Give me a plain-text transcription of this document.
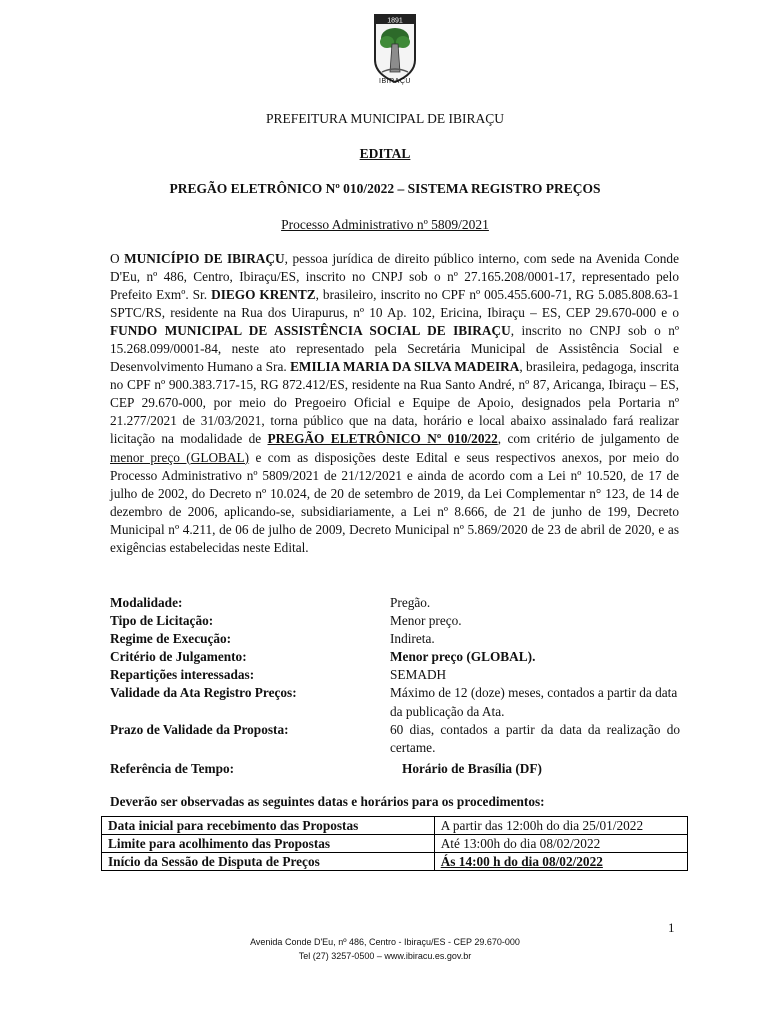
1891
IBIRAÇU
PREFEITURA MUNICIPAL DE IBIRAÇU
EDITAL
PREGÃO ELETRÔNICO Nº 010/2022 – SISTEMA REGISTRO PREÇOS
Processo Administrativo nº 5809/2021
O MUNICÍPIO DE IBIRAÇU, pessoa jurídica de direito público interno, com sede na Avenida Conde D'Eu, nº 486, Centro, Ibiraçu/ES, inscrito no CNPJ sob o nº 27.165.208/0001-17, representado pelo Prefeito Exmº. Sr. DIEGO KRENTZ, brasileiro, inscrito no CPF nº 005.455.600-71, RG 5.085.808.63-1 SPTC/RS, residente na Rua dos Uirapurus, nº 10 Ap. 102, Ericina, Ibiraçu – ES, CEP 29.670-000 e o FUNDO MUNICIPAL DE ASSISTÊNCIA SOCIAL DE IBIRAÇU, inscrito no CNPJ sob o nº 15.268.099/0001-84, neste ato representado pela Secretária Municipal de Assistência Social e Desenvolvimento Humano a Sra. EMILIA MARIA DA SILVA MADEIRA, brasileira, pedagoga, inscrita no CPF nº 900.383.717-15, RG 872.412/ES, residente na Rua Santo André, nº 87, Aricanga, Ibiraçu – ES, CEP 29.670-000, por meio do Pregoeiro Oficial e Equipe de Apoio, designados pela Portaria nº 21.277/2021 de 31/03/2021, torna público que na data, horário e local abaixo assinalado fará realizar licitação na modalidade de PREGÃO ELETRÔNICO Nº 010/2022, com critério de julgamento de menor preço (GLOBAL) e com as disposições deste Edital e seus respectivos anexos, por meio do Processo Administrativo nº 5809/2021 de 21/12/2021 e ainda de acordo com a Lei nº 10.520, de 17 de julho de 2002, do Decreto nº 10.024, de 20 de setembro de 2019, da Lei Complementar n° 123, de 14 de dezembro de 2006, aplicando-se, subsidiariamente, a Lei nº 8.666, de 21 de junho de 199, Decreto Municipal nº 4.211, de 06 de julho de 2009, Decreto Municipal nº 5.869/2020 de 23 de abril de 2020, e as exigências estabelecidas neste Edital.
Modalidade:	Pregão.
Tipo de Licitação:	Menor preço.
Regime de Execução:	Indireta.
Critério de Julgamento:	Menor preço (GLOBAL).
Repartições interessadas:	SEMADH
Validade da Ata Registro Preços:	Máximo de 12 (doze) meses, contados a partir da data da publicação da Ata.
Prazo de Validade da Proposta:	60 dias, contados a partir da data da realização do certame.
Referência de Tempo:	Horário de Brasília (DF)
Deverão ser observadas as seguintes datas e horários para os procedimentos:
Data inicial para recebimento das Propostas	A partir das 12:00h do dia 25/01/2022
Limite para acolhimento das Propostas	Até 13:00h do dia 08/02/2022
Início da Sessão de Disputa de Preços	Ás 14:00 h do dia 08/02/2022
1
Avenida Conde D'Eu, nº 486, Centro - Ibiraçu/ES - CEP 29.670-000
Tel (27) 3257-0500 – www.ibiracu.es.gov.br
